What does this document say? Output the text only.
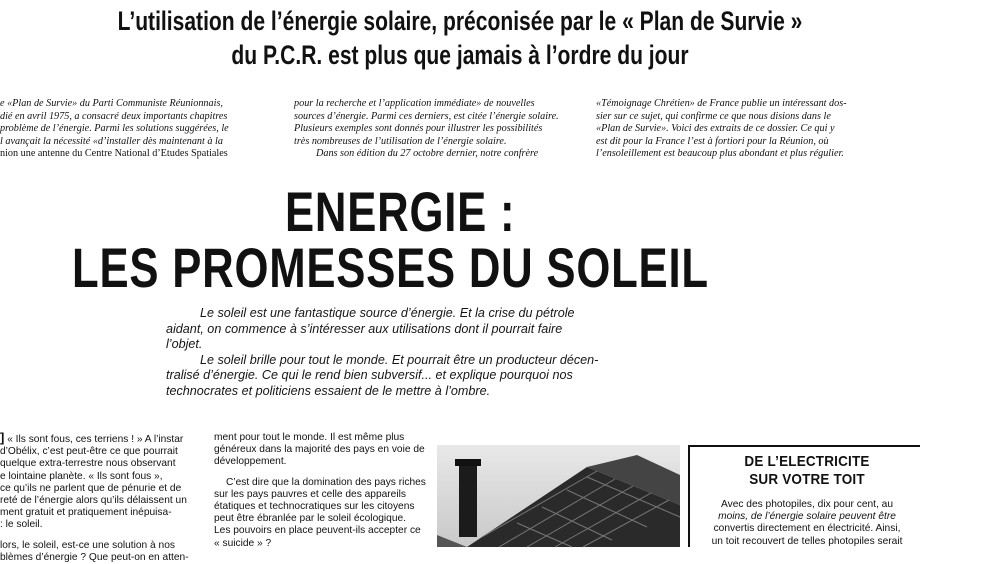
L’utilisation de l’énergie solaire, préconisée par le « Plan de Survie »
du P.C.R. est plus que jamais à l’ordre du jour

e «Plan de Survie» du Parti Communiste Réunionnais,

dié en avril 1975, a consacré deux importants chapitres

problème de l’énergie. Parmi les solutions suggérées, le

l avançait la nécessité «d’installer dès maintenant à la

nion une antenne du Centre National d’Etudes Spatiales

pour la recherche et l’application immédiate» de nouvelles

sources d’énergie. Parmi ces derniers, est citée l’énergie solaire.

Plusieurs exemples sont donnés pour illustrer les possibilités

très nombreuses de l’utilisation de l’énergie solaire.

Dans son édition du 27 octobre dernier, notre confrère

«Témoignage Chrétien» de France publie un intéressant dos-

sier sur ce sujet, qui confirme ce que nous disions dans le

«Plan de Survie». Voici des extraits de ce dossier. Ce qui y

est dit pour la France l’est à fortiori pour la Réunion, où

l’ensoleillement est beaucoup plus abondant et plus régulier.

ENERGIE :
LES PROMESSES DU SOLEIL
Le soleil est une fantastique source d’énergie. Et la crise du pétrole
aidant, on commence à s’intéresser aux utilisations dont il pourrait faire
l’objet.
Le soleil brille pour tout le monde. Et pourrait être un producteur décen-
tralisé d’énergie. Ce qui le rend bien subversif... et explique pourquoi nos
technocrates et politiciens essaient de le mettre à l’ombre.

] « Ils sont fous, ces terriens ! » A l’instar
d’Obélix, c’est peut-être ce que pourrait
quelque extra-terrestre nous observant
e lointaine planète. « Ils sont fous »,
ce qu’ils ne parlent que de pénurie et de
reté de l’énergie alors qu’ils délaissent un
ment gratuit et pratiquement inépuisa-
: le soleil.

lors, le soleil, est-ce une solution à nos
blèmes d’énergie ? Que peut-on en atten-

ment pour tout le monde. Il est même plus
généreux dans la majorité des pays en voie de
développement.

C’est dire que la domination des pays riches
sur les pays pauvres et celle des appareils
étatiques et technocratiques sur les citoyens
peut être ébranlée par le soleil écologique.
Les pouvoirs en place peuvent-ils accepter ce
« suicide » ?

DE L’ELECTRICITE
SUR VOTRE TOIT
Avec des photopiles, dix pour cent, au
moins, de l’énergie solaire peuvent être
convertis directement en électricité. Ainsi,
un toit recouvert de telles photopiles serait
